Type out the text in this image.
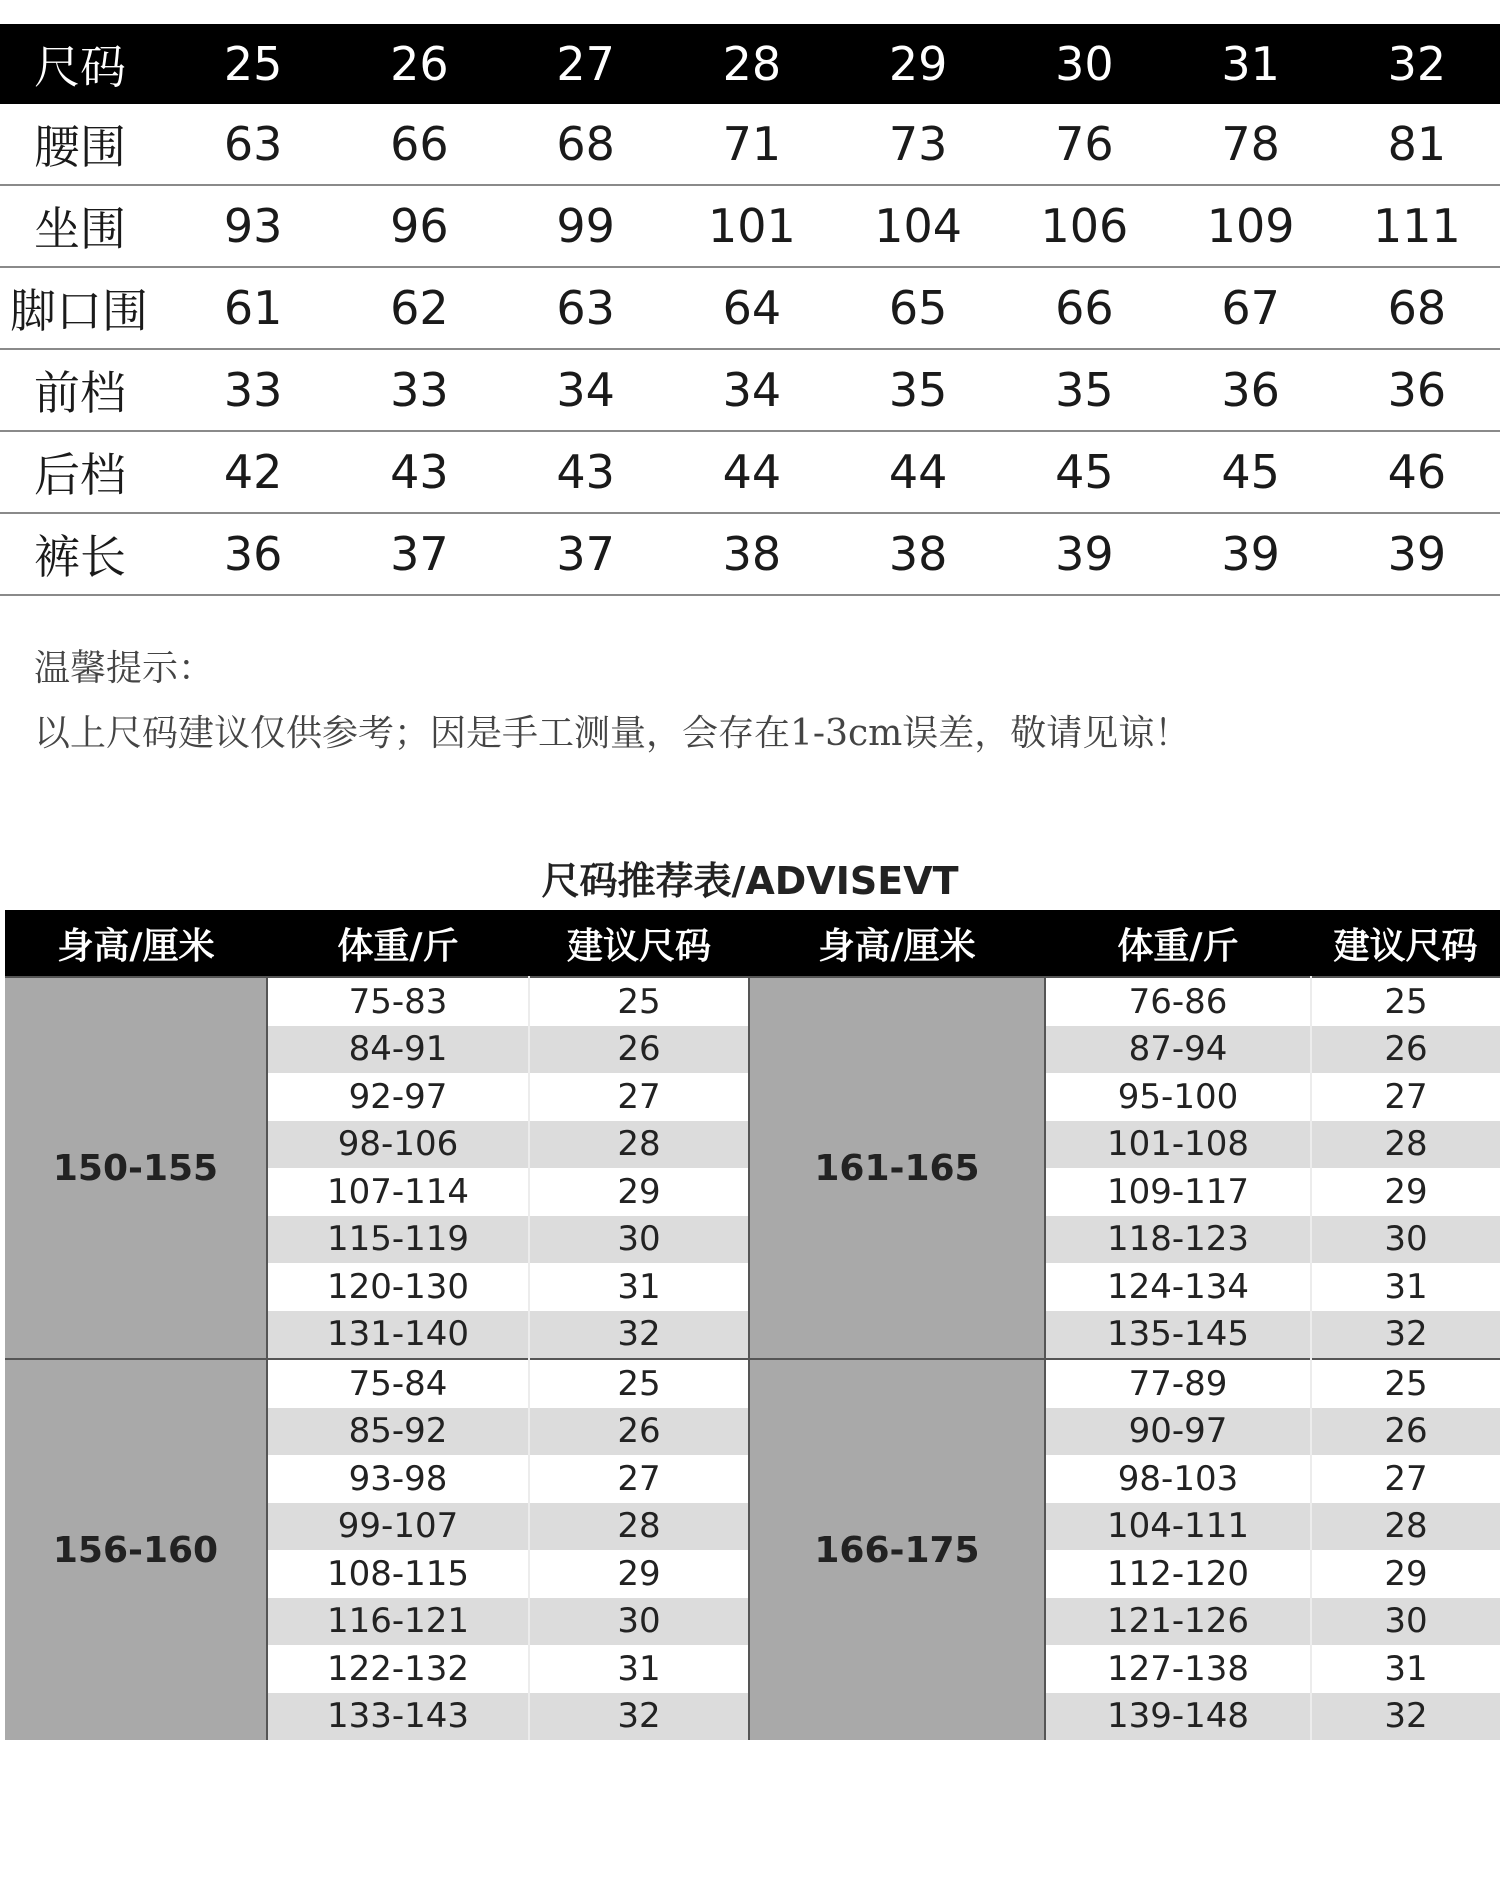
尺码	25	26	27	28	29	30	31	32
腰围	63	66	68	71	73	76	78	81
坐围	93	96	99	101	104	106	109	111
脚口围	61	62	63	64	65	66	67	68
前档	33	33	34	34	35	35	36	36
后档	42	43	43	44	44	45	45	46
裤长	36	37	37	38	38	39	39	39
温馨提示：
以上尺码建议仅供参考；因是手工测量，会存在1-3cm误差，敬请见谅！
尺码推荐表/ADVISEVT
身高/厘米	体重/斤	建议尺码	身高/厘米	体重/斤	建议尺码
150-155	75-83	25	161-165	76-86	25
	84-91	26		87-94	26
	92-97	27		95-100	27
	98-106	28		101-108	28
	107-114	29		109-117	29
	115-119	30		118-123	30
	120-130	31		124-134	31
	131-140	32		135-145	32
156-160	75-84	25	166-175	77-89	25
	85-92	26		90-97	26
	93-98	27		98-103	27
	99-107	28		104-111	28
	108-115	29		112-120	29
	116-121	30		121-126	30
	122-132	31		127-138	31
	133-143	32		139-148	32
